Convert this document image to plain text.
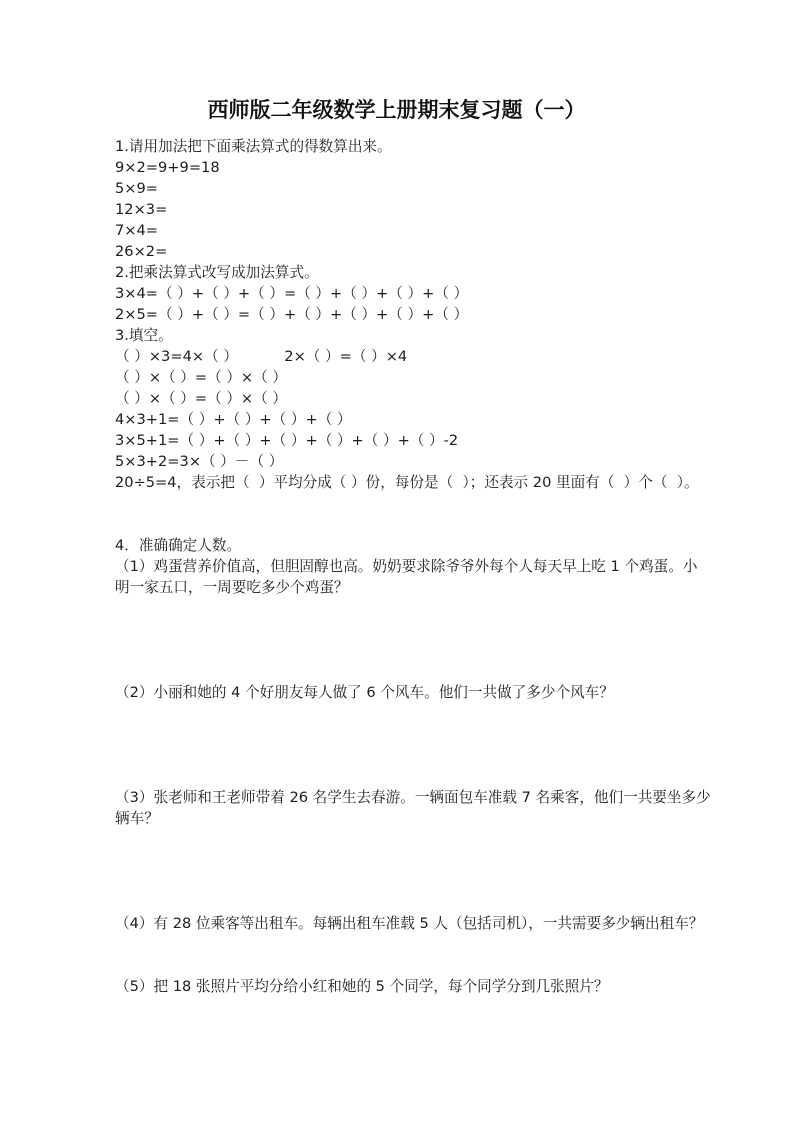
西师版二年级数学上册期末复习题（一）
1.请用加法把下面乘法算式的得数算出来。
9×2=9+9=18
5×9=
12×3=
7×4=
26×2=
2.把乘法算式改写成加法算式。
3×4=（ ）+（ ）+（ ）=（ ）+（ ）+（ ）+（ ）
2×5=（ ）+（ ）=（ ）+（ ）+（ ）+（ ）+（ ）
3.填空。
（ ）×3=4×（ ）          2×（ ）=（ ）×4
（ ）×（ ）=（ ）×（ ）
（ ）×（ ）=（ ）×（ ）
4×3+1=（ ）+（ ）+（ ）+（ ）
3×5+1=（ ）+（ ）+（ ）+（ ）+（ ）+（ ）-2
5×3+2=3×（ ）－（ ）
20÷5=4，表示把（  ）平均分成（ ）份，每份是（  ）；还表示 20 里面有（  ）个（  ）。
4．准确确定人数。
（1）鸡蛋营养价值高，但胆固醇也高。奶奶要求除爷爷外每个人每天早上吃 1 个鸡蛋。小
明一家五口，一周要吃多少个鸡蛋？
（2）小丽和她的 4 个好朋友每人做了 6 个风车。他们一共做了多少个风车？
（3）张老师和王老师带着 26 名学生去春游。一辆面包车准载 7 名乘客，他们一共要坐多少
辆车？
（4）有 28 位乘客等出租车。每辆出租车准载 5 人（包括司机），一共需要多少辆出租车？
（5）把 18 张照片平均分给小红和她的 5 个同学，每个同学分到几张照片？
